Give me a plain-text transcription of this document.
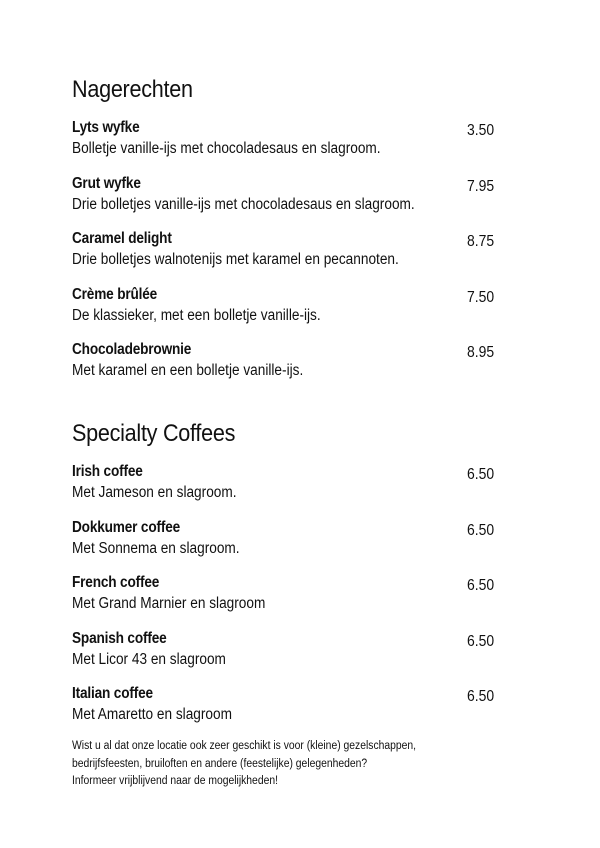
Nagerechten
Lyts wyfke
Bolletje vanille-ijs met chocoladesaus en slagroom.
3.50
Grut wyfke
Drie bolletjes vanille-ijs met chocoladesaus en slagroom.
7.95
Caramel delight
Drie bolletjes walnotenijs met karamel en pecannoten.
8.75
Crème brûlée
De klassieker, met een bolletje vanille-ijs.
7.50
Chocoladebrownie
Met karamel en een bolletje vanille-ijs.
8.95
Specialty Coffees
Irish coffee
Met Jameson en slagroom.
6.50
Dokkumer coffee
Met Sonnema en slagroom.
6.50
French coffee
Met Grand Marnier en slagroom
6.50
Spanish coffee
Met Licor 43 en slagroom
6.50
Italian coffee
Met Amaretto en slagroom
6.50
Wist u al dat onze locatie ook zeer geschikt is voor (kleine) gezelschappen,
bedrijfsfeesten, bruiloften en andere (feestelijke) gelegenheden?
Informeer vrijblijvend naar de mogelijkheden!
